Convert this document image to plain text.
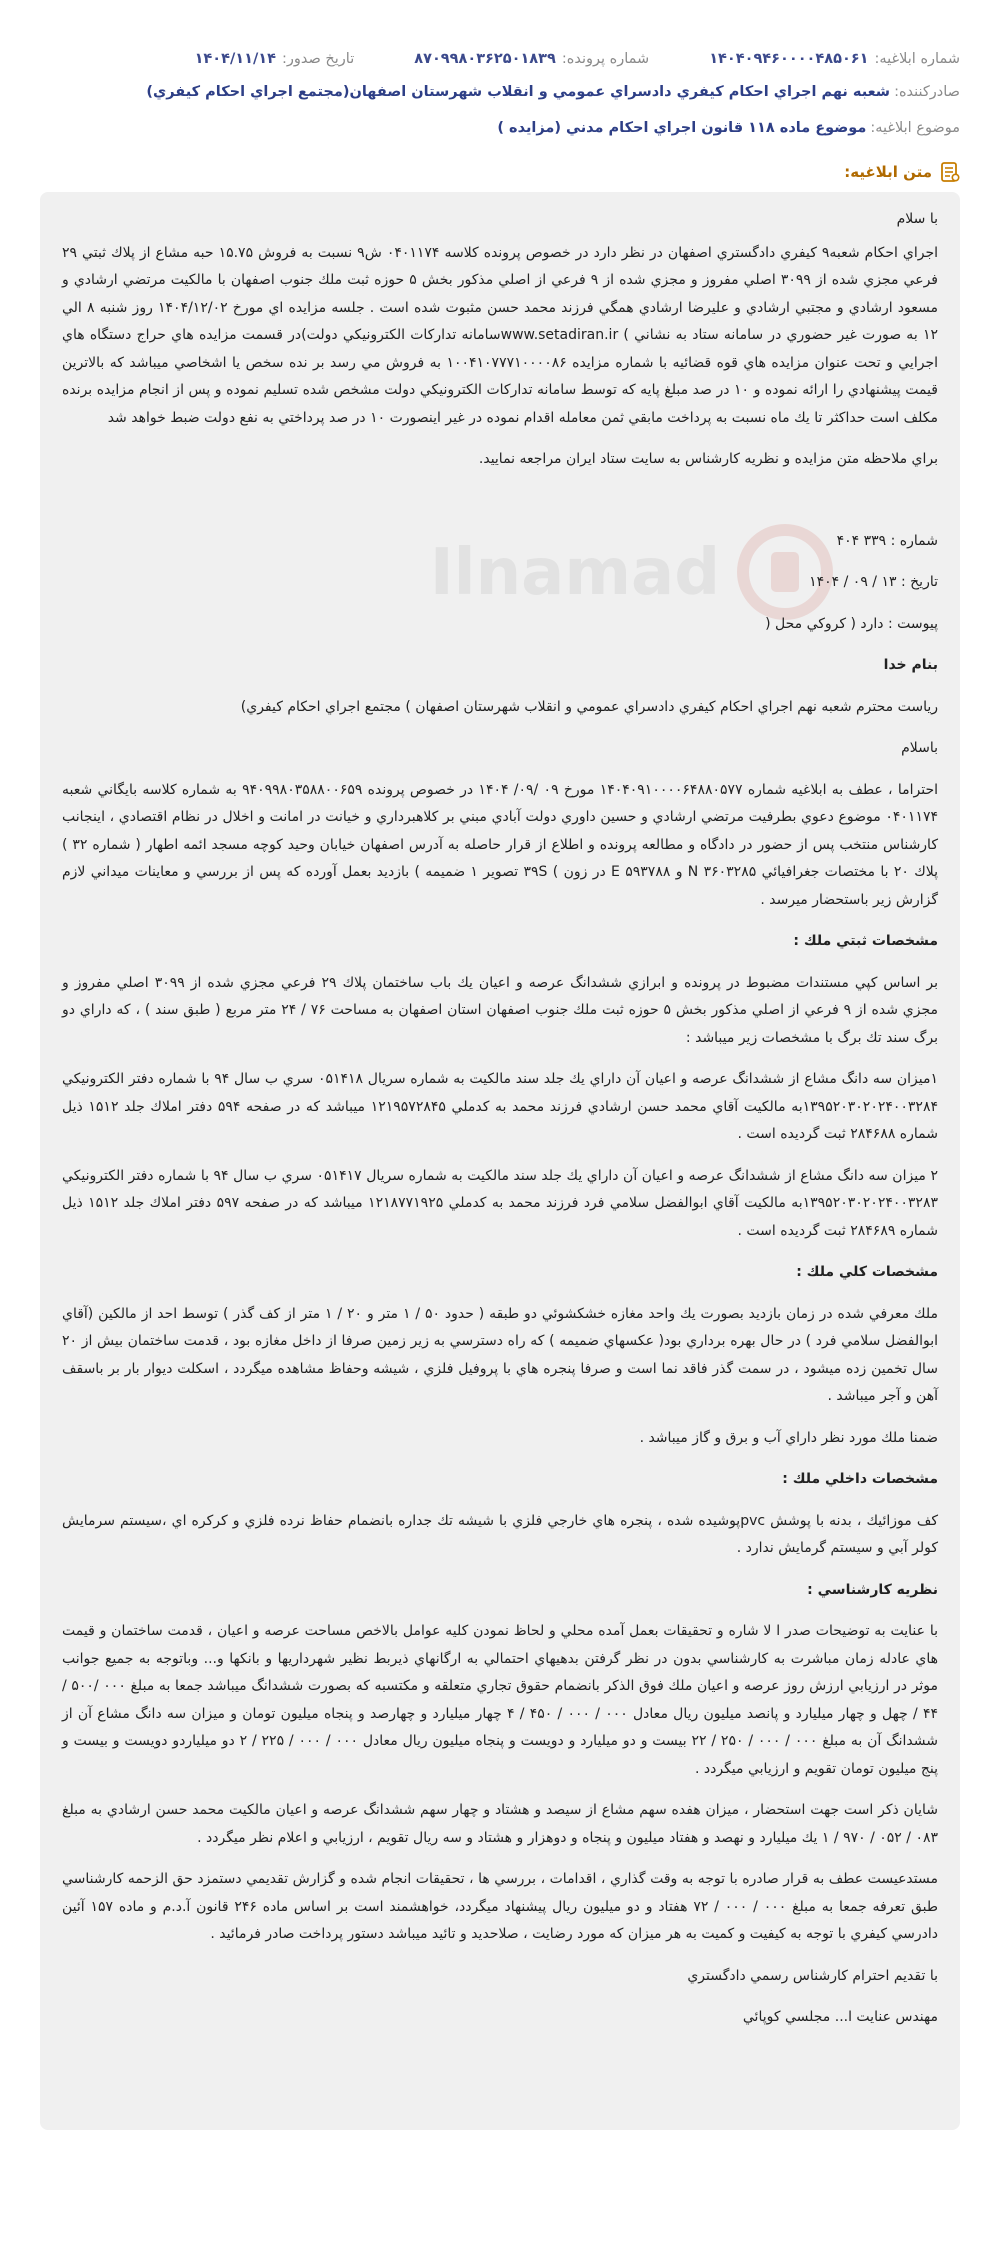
شماره ابلاغيه:۱۴۰۴۰۹۴۶۰۰۰۰۴۸۵۰۶۱
شماره پرونده:۸۷۰۹۹۸۰۳۶۲۵۰۱۸۳۹
تاريخ صدور:۱۴۰۴/۱۱/۱۴
صادركننده:شعبه نهم اجراي احكام كيفري دادسراي عمومي و انقلاب شهرستان اصفهان(مجتمع اجراي احكام كيفري)
موضوع ابلاغيه:موضوع ماده ۱۱۸ قانون اجراي احكام مدني (مزايده )
متن ابلاغيه:
Ilnamad

با سلام

اجراي احكام شعبه۹ كيفري دادگستري اصفهان در نظر دارد در خصوص پرونده كلاسه ۰۴۰۱۱۷۴ ش۹ نسبت به فروش ۱۵.۷۵ حبه مشاع از پلاك ثبتي ۲۹ فرعي مجزي شده از ۳۰۹۹ اصلي مفروز و مجزي شده از ۹ فرعي از اصلي مذكور بخش ۵ حوزه ثبت ملك جنوب اصفهان با مالكيت مرتضي ارشادي و مسعود ارشادي و مجتبي ارشادي و عليرضا ارشادي همگي فرزند محمد حسن مثبوت شده است . جلسه مزايده اي مورخ ۱۴۰۴/۱۲/۰۲ روز شنبه ۸ الي ۱۲ به صورت غير حضوري در سامانه ستاد به نشاني ) www.setadiran.irسامانه تداركات الكترونيكي دولت)در قسمت مزايده هاي حراج دستگاه هاي اجرايي و تحت عنوان مزايده هاي قوه قضائيه با شماره مزايده ۱۰۰۴۱۰۷۷۷۱۰۰۰۰۸۶ به فروش مي رسد بر نده سخص يا اشخاصي ميباشد كه بالاترين قيمت پيشنهادي را ارائه نموده و ۱۰ در صد مبلغ پايه كه توسط سامانه تداركات الكترونيكي دولت مشخص شده تسليم نموده و پس از انجام مزايده برنده مكلف است حداكثر تا يك ماه نسبت به پرداخت مابقي ثمن معامله اقدام نموده در غير اينصورت ۱۰ در صد پرداختي به نفع دولت ضبط خواهد شد

براي ملاحظه متن مزايده و نظريه كارشناس به سايت ستاد ايران مراجعه نماييد.

شماره : ۳۳۹ ۴۰۴

تاريخ : ۱۳ / ۰۹ / ۱۴۰۴

پيوست : دارد ( كروكي محل (

بنام خدا

رياست محترم شعبه نهم اجراي احكام كيفري دادسراي عمومي و انقلاب شهرستان اصفهان ) مجتمع اجراي احكام كيفري)

باسلام

احتراما ، عطف به ابلاغيه شماره ۱۴۰۴۰۹۱۰۰۰۰۶۴۸۸۰۵۷۷ مورخ ۰۹ /۰۹/ ۱۴۰۴ در خصوص پرونده ۹۴۰۹۹۸۰۳۵۸۸۰۰۶۵۹ به شماره كلاسه بايگاني شعبه ۰۴۰۱۱۷۴ موضوع دعوي بطرفيت مرتضي ارشادي و حسين داوري دولت آبادي مبني بر كلاهبرداري و خيانت در امانت و اخلال در نظام اقتصادي ، اينجانب كارشناس منتخب پس از حضور در دادگاه و مطالعه پرونده و اطلاع از قرار حاصله به آدرس اصفهان خيابان وحيد كوچه مسجد ائمه اطهار ( شماره ۳۲ ) پلاك ۲۰ با مختصات جغرافيائي N ۳۶۰۳۲۸۵ و ۵۹۳۷۸۸ E در زون ) ۳۹S تصوير ۱ ضميمه ) بازديد بعمل آورده كه پس از بررسي و معاينات ميداني لازم گزارش زير باستحضار ميرسد .

مشخصات ثبتي ملك :

بر اساس كپي مستندات مضبوط در پرونده و ابرازي ششدانگ عرصه و اعيان يك باب ساختمان پلاك ۲۹ فرعي مجزي شده از ۳۰۹۹ اصلي مفروز و مجزي شده از ۹ فرعي از اصلي مذكور بخش ۵ حوزه ثبت ملك جنوب اصفهان استان اصفهان به مساحت ۷۶ / ۲۴ متر مربع ( طبق سند ) ، كه داراي دو برگ سند تك برگ با مشخصات زير ميباشد :

۱ميزان سه دانگ مشاع از ششدانگ عرصه و اعيان آن داراي يك جلد سند مالكيت به شماره سريال ۰۵۱۴۱۸ سري ب سال ۹۴ با شماره دفتر الكترونيكي ۱۳۹۵۲۰۳۰۲۰۲۴۰۰۳۲۸۴به مالكيت آقاي محمد حسن ارشادي فرزند محمد به كدملي ۱۲۱۹۵۷۲۸۴۵ ميباشد كه در صفحه ۵۹۴ دفتر املاك جلد ۱۵۱۲ ذيل شماره ۲۸۴۶۸۸ ثبت گرديده است .

۲ ميزان سه دانگ مشاع از ششدانگ عرصه و اعيان آن داراي يك جلد سند مالكيت به شماره سريال ۰۵۱۴۱۷ سري ب سال ۹۴ با شماره دفتر الكترونيكي ۱۳۹۵۲۰۳۰۲۰۲۴۰۰۳۲۸۳به مالكيت آقاي ابوالفضل سلامي فرد فرزند محمد به كدملي ۱۲۱۸۷۷۱۹۲۵ ميباشد كه در صفحه ۵۹۷ دفتر املاك جلد ۱۵۱۲ ذيل شماره ۲۸۴۶۸۹ ثبت گرديده است .

مشخصات كلي ملك :

ملك معرفي شده در زمان بازديد بصورت يك واحد مغازه خشكشوئي دو طبقه ( حدود ۵۰ / ۱ متر و ۲۰ / ۱ متر از كف گذر ) توسط احد از مالكين (آقاي ابوالفضل سلامي فرد ) در حال بهره برداري بود( عكسهاي ضميمه ) كه راه دسترسي به زير زمين صرفا از داخل مغازه بود ، قدمت ساختمان بيش از ۲۰ سال تخمين زده ميشود ، در سمت گذر فاقد نما است و صرفا پنجره هاي با پروفيل فلزي ، شيشه وحفاظ مشاهده ميگردد ، اسكلت ديوار بار بر باسقف آهن و آجر ميباشد .

ضمنا ملك مورد نظر داراي آب و برق و گاز ميباشد .

مشخصات داخلي ملك :

كف موزائيك ، بدنه با پوشش pvcپوشيده شده ، پنجره هاي خارجي فلزي با شيشه تك جداره بانضمام حفاظ نرده فلزي و كركره اي ،سيستم سرمايش كولر آبي و سيستم گرمايش ندارد .

نظريه كارشناسي :

با عنايت به توضيحات صدر ا لا شاره و تحقيقات بعمل آمده محلي و لحاظ نمودن كليه عوامل بالاخص مساحت عرصه و اعيان ، قدمت ساختمان و قيمت هاي عادله زمان مباشرت به كارشناسي بدون در نظر گرفتن بدهيهاي احتمالي به ارگانهاي ذيربط نظير شهرداريها و بانكها و... وباتوجه به جميع جوانب موثر در ارزيابي ارزش روز عرصه و اعيان ملك فوق الذكر بانضمام حقوق تجاري متعلقه و مكتسبه كه بصورت ششدانگ ميباشد جمعا به مبلغ ۰۰۰ /۵۰۰ / ۴۴ / چهل و چهار ميليارد و پانصد ميليون ريال معادل ۰۰۰ / ۰۰۰ / ۴۵۰ / ۴ چهار ميليارد و چهارصد و پنجاه ميليون تومان و ميزان سه دانگ مشاع آن از ششدانگ آن به مبلغ ۰۰۰ / ۰۰۰ / ۲۵۰ / ۲۲ بيست و دو ميليارد و دويست و پنجاه ميليون ريال معادل ۰۰۰ / ۰۰۰ / ۲۲۵ / ۲ دو ميلياردو دويست و بيست و پنج ميليون تومان تقويم و ارزيابي ميگردد .

شايان ذكر است جهت استحضار ، ميزان هفده سهم مشاع از سيصد و هشتاد و چهار سهم ششدانگ عرصه و اعيان مالكيت محمد حسن ارشادي به مبلغ ۰۸۳ / ۰۵۲ / ۹۷۰ / ۱ يك ميليارد و نهصد و هفتاد ميليون و پنجاه و دوهزار و هشتاد و سه ريال تقويم ، ارزيابي و اعلام نظر ميگردد .

مستدعيست عطف به قرار صادره با توجه به وقت گذاري ، اقدامات ، بررسي ها ، تحقيقات انجام شده و گزارش تقديمي دستمزد حق الزحمه كارشناسي طبق تعرفه جمعا به مبلغ ۰۰۰ / ۰۰۰ / ۷۲ هفتاد و دو ميليون ريال پيشنهاد ميگردد، خواهشمند است بر اساس ماده ۲۴۶ قانون آ.د.م و ماده ۱۵۷ آئين دادرسي كيفري با توجه به كيفيت و كميت به هر ميزان كه مورد رضايت ، صلاحديد و تائيد ميباشد دستور پرداخت صادر فرمائيد .

با تقديم احترام كارشناس رسمي دادگستري

مهندس عنايت ا... مجلسي كوپائي
